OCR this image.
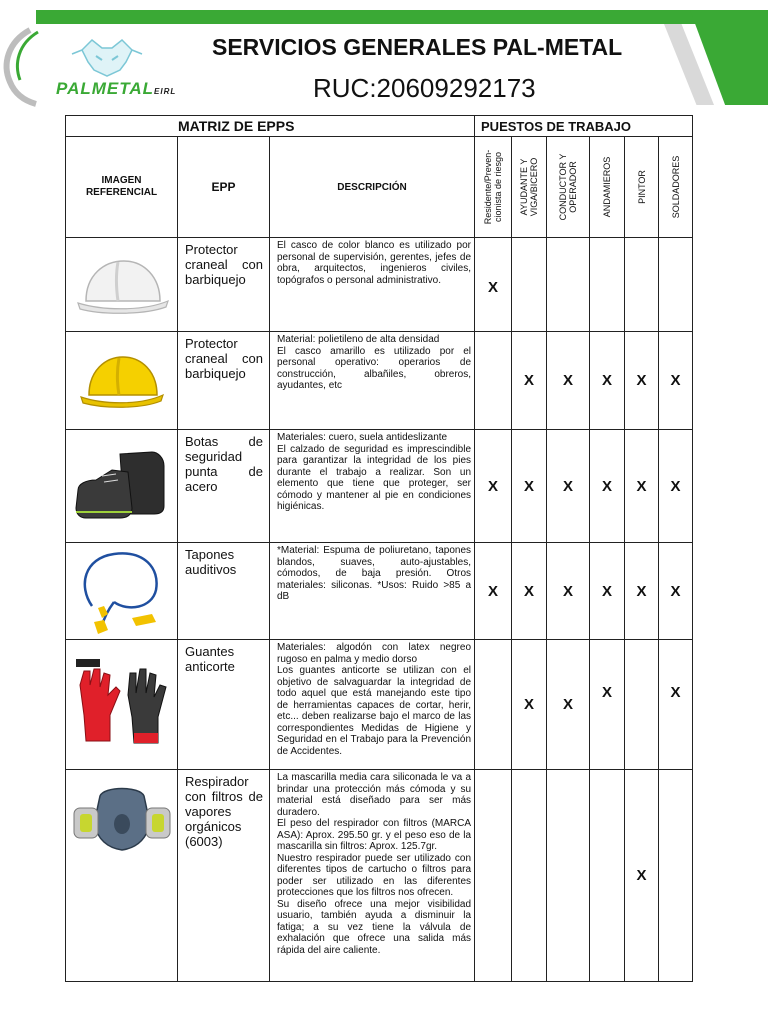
PALMETALEIRL
SERVICIOS GENERALES PAL-METAL
RUC:20609292173
MATRIZ DE EPPS			PUESTOS DE TRABAJO					
IMAGEN REFERENCIAL	EPP	DESCRIPCIÓN	Residente/Preven-cionista de riesgo	AYUDANTE Y VIGA/BICERO	CONDUCTOR Y OPERADOR	ANDAMIEROS	PINTOR	SOLDADORES

	Protector craneal con barbiquejo	El casco de color blanco es utilizado por personal de supervisión, gerentes, jefes de obra, arquitectos, ingenieros civiles, topógrafos o personal administrativo.	X					

	Protector craneal con barbiquejo	Material: polietileno de alta densidad
El casco amarillo es utilizado por el personal operativo: operarios de construcción, albañiles, obreros, ayudantes, etc		X	X	X	X	X

	Botas de seguridad punta de acero	Materiales: cuero, suela antideslizante
El calzado de seguridad es imprescindible para garantizar la integridad de los pies durante el trabajo a realizar. Son un elemento que tiene que proteger, ser cómodo y mantener al pie en condiciones higiénicas.	X	X	X	X	X	X

	Tapones auditivos	*Material: Espuma de poliuretano, tapones blandos, suaves, auto-ajustables, cómodos, de baja presión. Otros materiales: siliconas. *Usos: Ruido >85 a dB	X	X	X	X	X	X

	Guantes anticorte	Materiales: algodón con latex negreo rugoso en palma y medio dorso
Los guantes anticorte se utilizan con el objetivo de salvaguardar la integridad de todo aquel que está manejando este tipo de herramientas capaces de cortar, herir, etc... deben realizarse bajo el marco de las correspondientes Medidas de Higiene y Seguridad en el Trabajo para la Prevención de Accidentes.		X	X	X		X

	Respirador con filtros de vapores orgánicos (6003)	La mascarilla media cara siliconada le va a brindar una protección más cómoda y su material está diseñado para ser más duradero.
El peso del respirador con filtros (MARCA ASA): Aprox. 295.50 gr. y el peso eso de la mascarilla sin filtros: Aprox. 125.7gr.
Nuestro respirador puede ser utilizado con diferentes tipos de cartucho o filtros para poder ser utilizado en las diferentes protecciones que los filtros nos ofrecen.
Su diseño ofrece una mejor visibilidad usuario, también ayuda a disminuir la fatiga; a su vez tiene la válvula de exhalación que ofrece una salida más rápida del aire caliente.					X	
